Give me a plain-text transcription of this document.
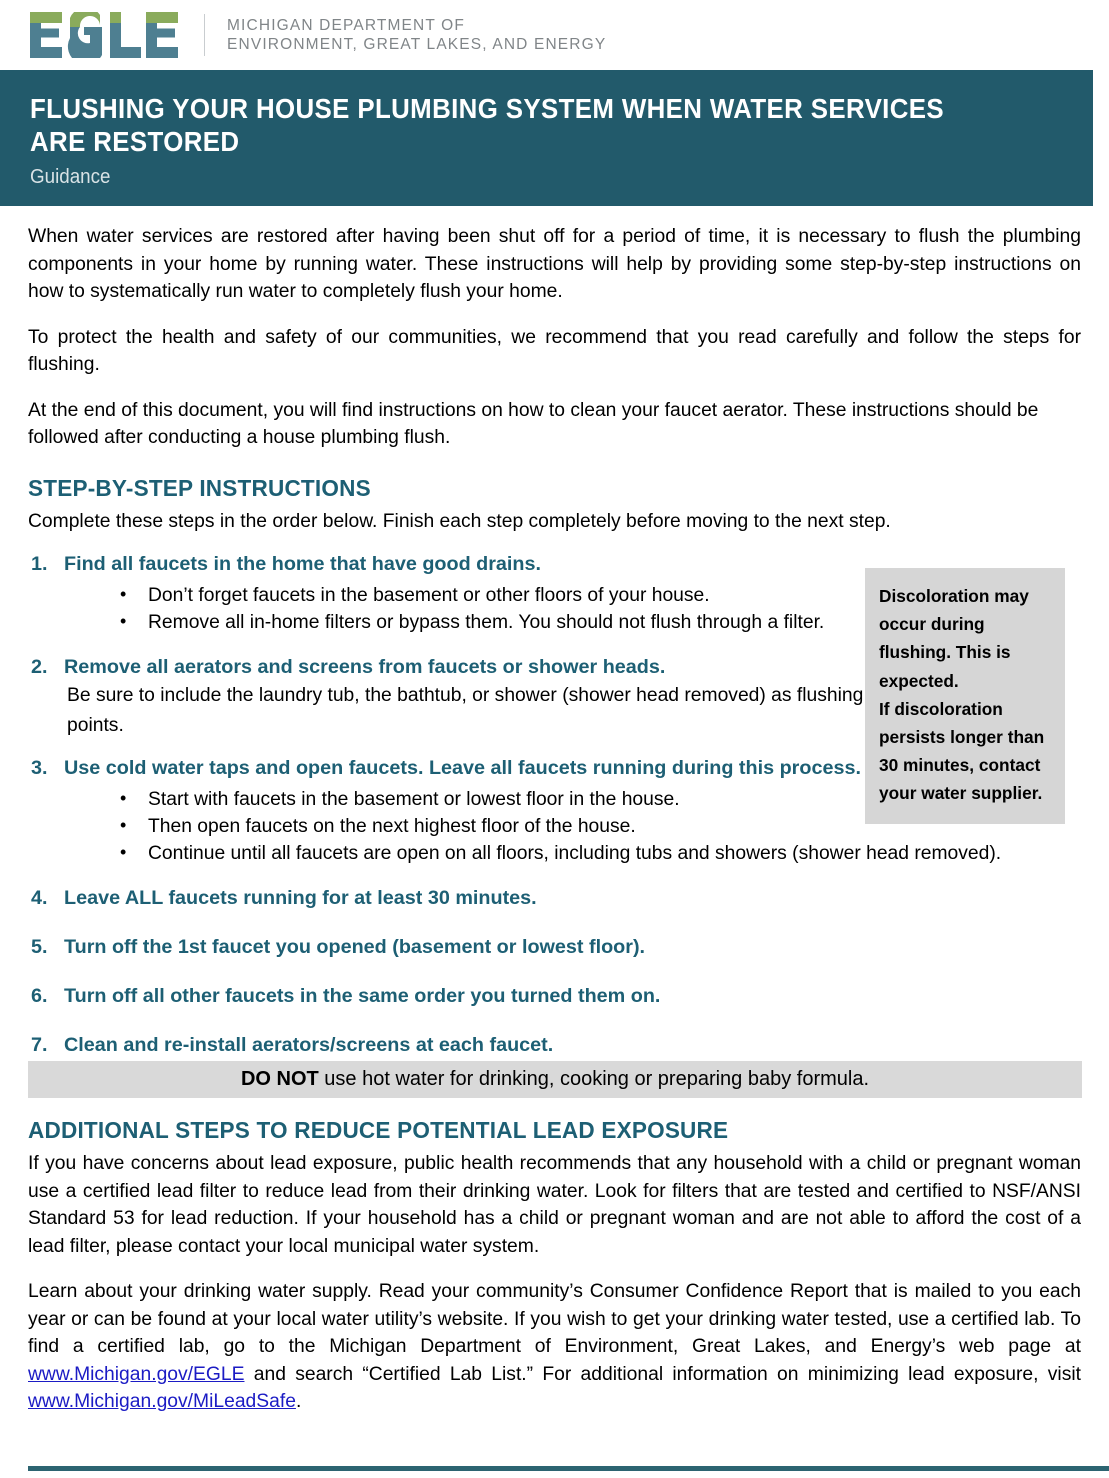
MICHIGAN DEPARTMENT OF
ENVIRONMENT, GREAT LAKES, AND ENERGY
FLUSHING YOUR HOUSE PLUMBING SYSTEM WHEN WATER SERVICES ARE RESTORED
Guidance

When water services are restored after having been shut off for a period of time, it is necessary to flush the plumbing components in your home by running water. These instructions will help by providing some step-by-step instructions on how to systematically run water to completely flush your home.

To protect the health and safety of our communities, we recommend that you read carefully and follow the steps for flushing.

At the end of this document, you will find instructions on how to clean your faucet aerator. These instructions should be followed after conducting a house plumbing flush.

STEP-BY-STEP INSTRUCTIONS

Complete these steps in the order below. Finish each step completely before moving to the next step.

1. Find all faucets in the home that have good drains.
• Don’t forget faucets in the basement or other floors of your house.
• Remove all in-home filters or bypass them. You should not flush through a filter.
2. Remove all aerators and screens from faucets or shower heads.
Be sure to include the laundry tub, the bathtub, or shower (shower head removed) as flushing points.
3. Use cold water taps and open faucets. Leave all faucets running during this process.
• Start with faucets in the basement or lowest floor in the house.
• Then open faucets on the next highest floor of the house.
• Continue until all faucets are open on all floors, including tubs and showers (shower head removed).
4. Leave ALL faucets running for at least 30 minutes.
5. Turn off the 1st faucet you opened (basement or lowest floor).
6. Turn off all other faucets in the same order you turned them on.
7. Clean and re-install aerators/screens at each faucet.
DO NOT use hot water for drinking, cooking or preparing baby formula.
ADDITIONAL STEPS TO REDUCE POTENTIAL LEAD EXPOSURE

If you have concerns about lead exposure, public health recommends that any household with a child or pregnant woman use a certified lead filter to reduce lead from their drinking water. Look for filters that are tested and certified to NSF/ANSI Standard 53 for lead reduction. If your household has a child or pregnant woman and are not able to afford the cost of a lead filter, please contact your local municipal water system.

Learn about your drinking water supply. Read your community’s Consumer Confidence Report that is mailed to you each year or can be found at your local water utility’s website. If you wish to get your drinking water tested, use a certified lab. To find a certified lab, go to the Michigan Department of Environment, Great Lakes, and Energy’s web page at www.Michigan.gov/EGLE and search “Certified Lab List.” For additional information on minimizing lead exposure, visit www.Michigan.gov/MiLeadSafe.

Discoloration may occur during flushing. This is expected.

If discoloration persists longer than 30 minutes, contact your water supplier.
